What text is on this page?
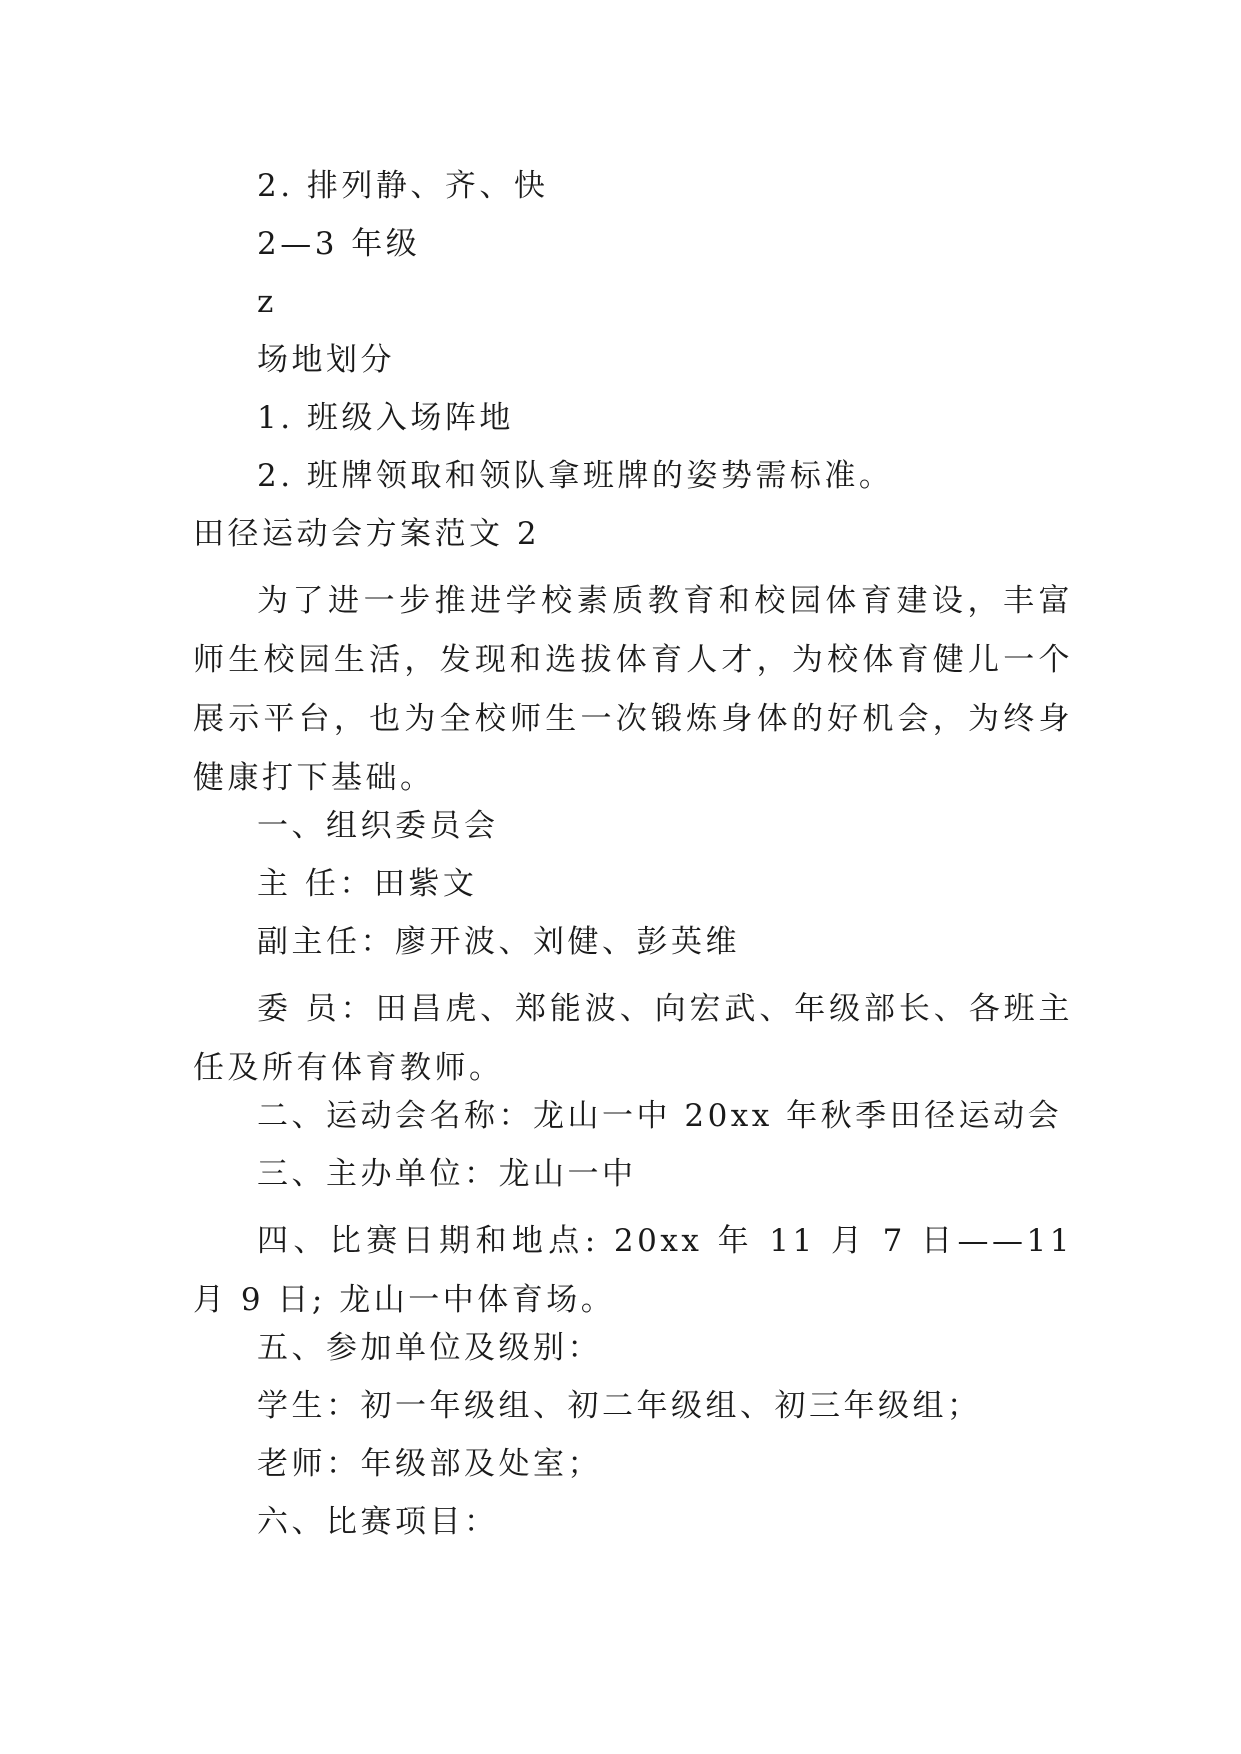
2. 排列静、齐、快

2—3 年级

z

场地划分

1. 班级入场阵地

2. 班牌领取和领队拿班牌的姿势需标准。

田径运动会方案范文 2

为了进一步推进学校素质教育和校园体育建设，丰富师生校园生活，发现和选拔体育人才，为校体育健儿一个展示平台，也为全校师生一次锻炼身体的好机会，为终身健康打下基础。

一、组织委员会

主 任：田紫文

副主任：廖开波、刘健、彭英维

委 员：田昌虎、郑能波、向宏武、年级部长、各班主任及所有体育教师。

二、运动会名称：龙山一中 20xx 年秋季田径运动会

三、主办单位：龙山一中

四、比赛日期和地点: 20xx 年 11 月 7 日——11 月 9 日; 龙山一中体育场。

五、参加单位及级别：

学生：初一年级组、初二年级组、初三年级组；

老师：年级部及处室；

六、比赛项目：
